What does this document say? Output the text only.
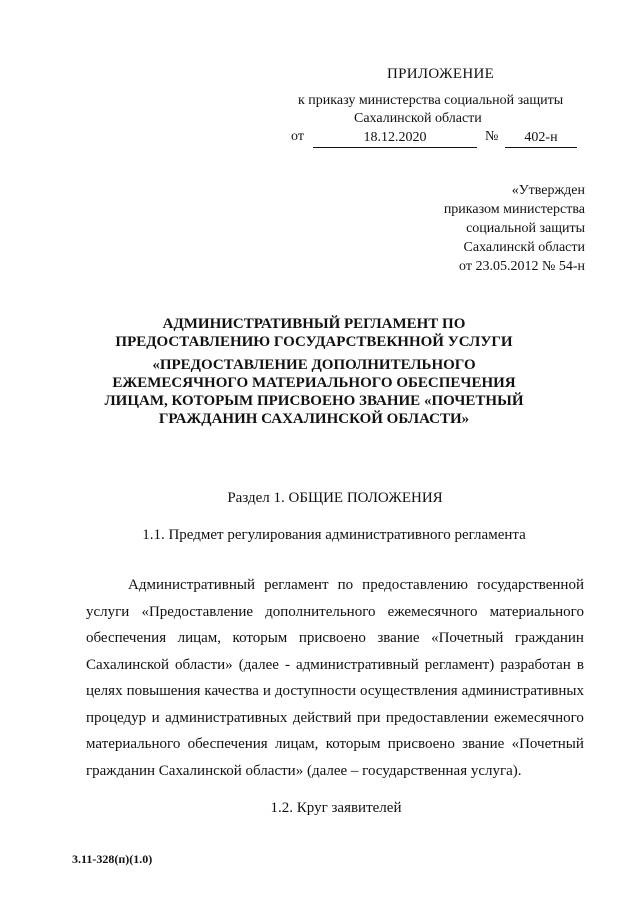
ПРИЛОЖЕНИЕ
к приказу министерства социальной защиты
Сахалинской области
от	18.12.2020	№	402-н
«Утвержден
приказом министерства
социальной защиты
Сахалинскй области
от 23.05.2012 № 54-н
АДМИНИСТРАТИВНЫЙ РЕГЛАМЕНТ ПО
ПРЕДОСТАВЛЕНИЮ ГОСУДАРСТВЕКННОЙ УСЛУГИ
«ПРЕДОСТАВЛЕНИЕ ДОПОЛНИТЕЛЬНОГО
ЕЖЕМЕСЯЧНОГО МАТЕРИАЛЬНОГО ОБЕСПЕЧЕНИЯ
ЛИЦАМ, КОТОРЫМ ПРИСВОЕНО ЗВАНИЕ «ПОЧЕТНЫЙ
ГРАЖДАНИН САХАЛИНСКОЙ ОБЛАСТИ»
Раздел 1. ОБЩИЕ ПОЛОЖЕНИЯ
1.1. Предмет регулирования административного регламента
Административный регламент по предоставлению государственной
услуги «Предоставление дополнительного ежемесячного материального
обеспечения лицам, которым присвоено звание «Почетный гражданин
Сахалинской области» (далее - административный регламент) разработан в
целях повышения качества и доступности осуществления административных
процедур и административных действий при предоставлении ежемесячного
материального обеспечения лицам, которым присвоено звание «Почетный
гражданин Сахалинской области» (далее – государственная услуга).
1.2. Круг заявителей
3.11-328(п)(1.0)
